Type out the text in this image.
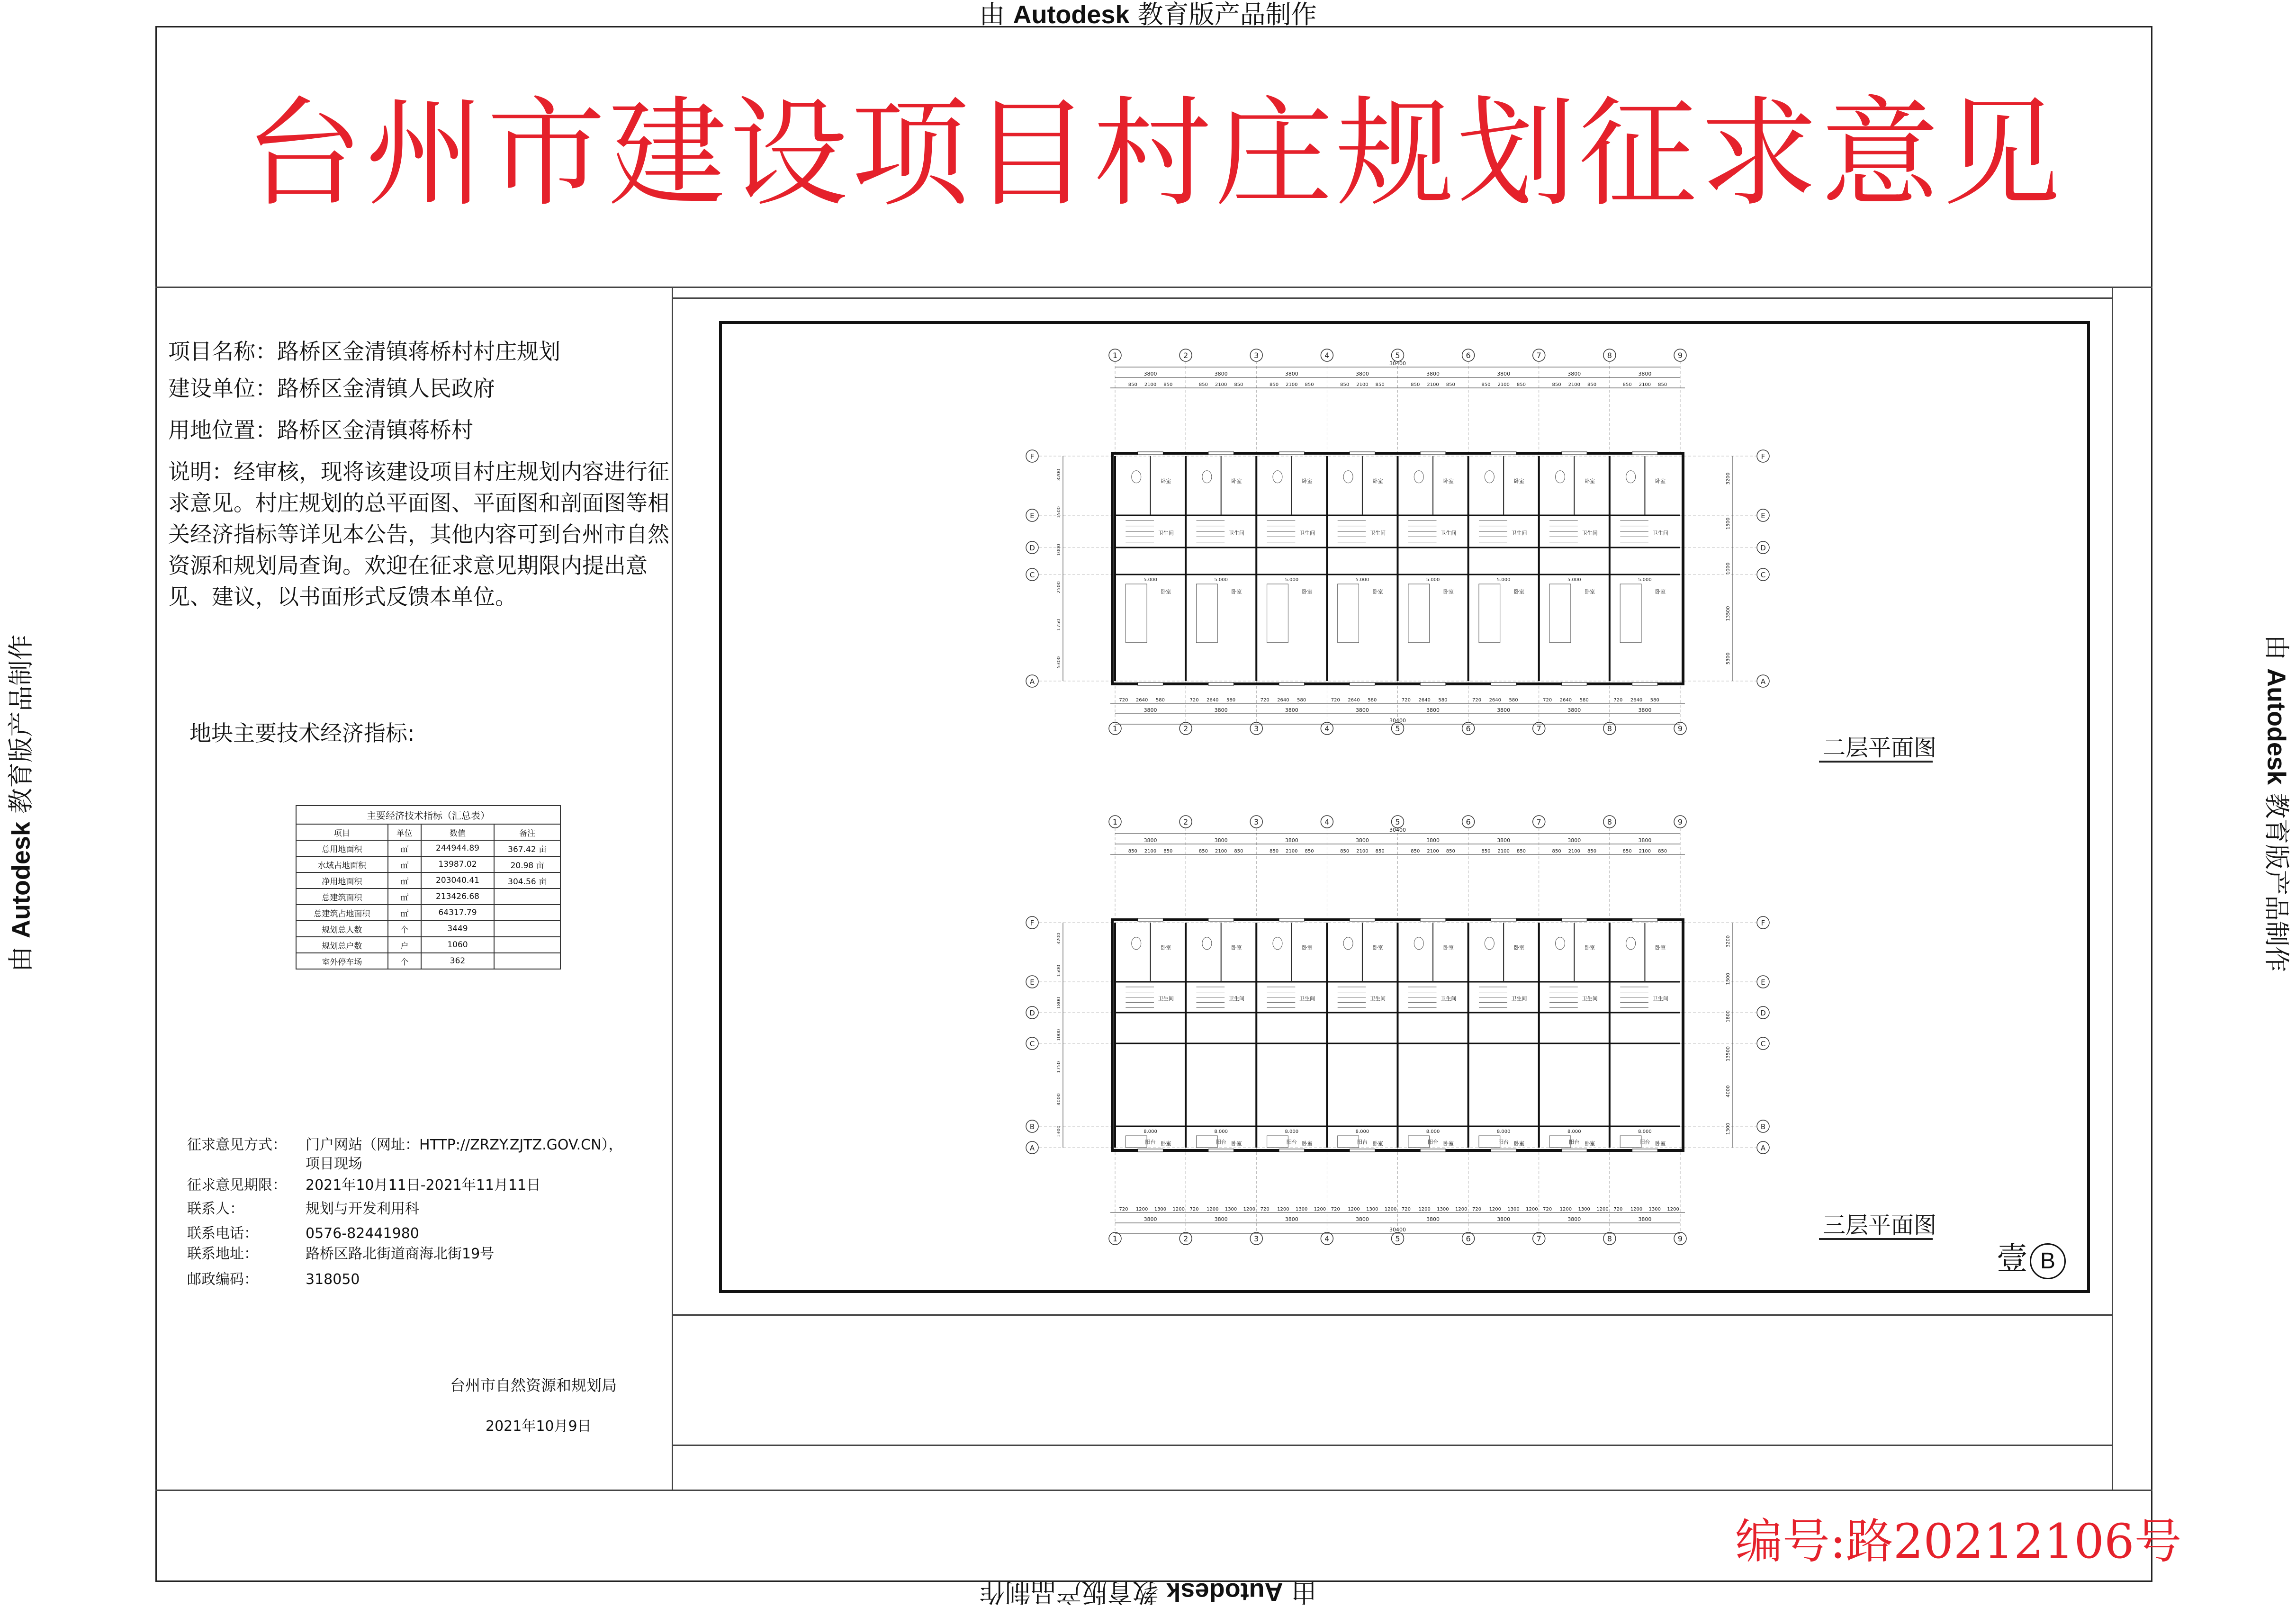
由 Autodesk 教育版产品制作
由 Autodesk 教育版产品制作
由 Autodesk 教育版产品制作	由 Autodesk 教育版产品制作
台州市建设项目村庄规划征求意见
项目名称：路桥区金清镇蒋桥村村庄规划
建设单位：路桥区金清镇人民政府
用地位置：路桥区金清镇蒋桥村
说明：经审核，现将该建设项目村庄规划内容进行征求意见。村庄规划的总平面图、平面图和剖面图等相关经济指标等详见本公告，其他内容可到台州市自然资源和规划局查询。欢迎在征求意见期限内提出意见、建议，以书面形式反馈本单位。
地块主要技术经济指标:
主要经济技术指标（汇总表）
项目	单位	数值	备注
总用地面积	㎡	244944.89	367.42 亩
水域占地面积	㎡	13987.02	20.98 亩
净用地面积	㎡	203040.41	304.56 亩
总建筑面积	㎡	213426.68	
总建筑占地面积	㎡	64317.79	
规划总人数	个	3449	
规划总户数	户	1060	
室外停车场	个	362	
征求意见方式： 门户网站（网址：HTTP://ZRZY.ZJTZ.GOV.CN），
项目现场
征求意见期限： 2021年10月11日-2021年11月11日
联系人：	规划与开发利用科
联系电话：	0576-82441980
联系地址：	路桥区路北街道商海北街19号
邮政编码：	318050
台州市自然资源和规划局
2021年10月9日
1
1
2
2
3
3
4
4
5
5
6
6
7
7
8
8
9
9
30400
3800
850 2100 850
3800
850 2100 850
3800
850 2100 850
3800
850 2100 850
3800
850 2100 850
3800
850 2100 850
3800
850 2100 850
3800
850 2100 850
30400
3800
720 2640 580
3800
720 2640 580
3800
720 2640 580
3800
720 2640 580
3800
720 2640 580
3800
720 2640 580
3800
720 2640 580
3800
720 2640 580
F	F
E	E
D	D
C	C
A	A
3200
1500
1000
2500
1750
5300
3200
1500
1000
13500
5300
卧室
卫生间
卧室
5.000
卧室
卫生间
卧室
5.000
卧室
卫生间
卧室
5.000
卧室
卫生间
卧室
5.000
卧室
卫生间
卧室
5.000
卧室
卫生间
卧室
5.000
卧室
卫生间
卧室
5.000
卧室
卫生间
卧室
5.000
1
1
2
2
3
3
4
4
5
5
6
6
7
7
8
8
9
9
30400
3800
850 2100 850
3800
850 2100 850
3800
850 2100 850
3800
850 2100 850
3800
850 2100 850
3800
850 2100 850
3800
850 2100 850
3800
850 2100 850
30400
3800
720 1200 1300 1200
3800
720 1200 1300 1200
3800
720 1200 1300 1200
3800
720 1200 1300 1200
3800
720 1200 1300 1200
3800
720 1200 1300 1200
3800
720 1200 1300 1200
3800
720 1200 1300 1200
F	F
E	E
D	D
C	C
B	B
A	A
3200
1500
1800
1000
1750
4000
1300
3200
1500
1800
13500
4000
1300
卧室
卫生间
卧室
阳台
8.000
卧室
卫生间
卧室
阳台
8.000
卧室
卫生间
卧室
阳台
8.000
卧室
卫生间
卧室
阳台
8.000
卧室
卫生间
卧室
阳台
8.000
卧室
卫生间
卧室
阳台
8.000
卧室
卫生间
卧室
阳台
8.000
卧室
卫生间
卧室
阳台
8.000
二层平面图
三层平面图
壹 B
编号:路20212106号
